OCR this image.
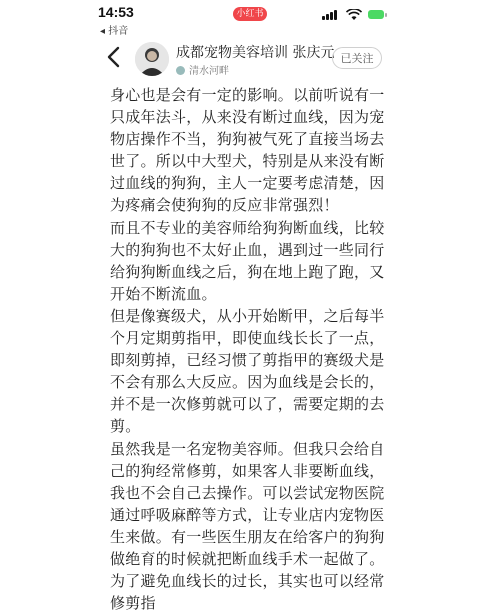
14:53
◂ 抖音
小红书
成都宠物美容培训 张庆元
清水河畔
已关注

身心也是会有一定的影响。以前听说有一只成年法斗，从来没有断过血线，因为宠物店操作不当，狗狗被气死了直接当场去世了。所以中大型犬，特别是从来没有断过血线的狗狗，主人一定要考虑清楚，因为疼痛会使狗狗的反应非常强烈！

而且不专业的美容师给狗狗断血线，比较大的狗狗也不太好止血，遇到过一些同行给狗狗断血线之后，狗在地上跑了跑，又开始不断流血。

但是像赛级犬，从小开始断甲，之后每半个月定期剪指甲，即使血线长长了一点，即刻剪掉，已经习惯了剪指甲的赛级犬是不会有那么大反应。因为血线是会长的，并不是一次修剪就可以了，需要定期的去剪。

虽然我是一名宠物美容师。但我只会给自己的狗经常修剪，如果客人非要断血线，我也不会自己去操作。可以尝试宠物医院通过呼吸麻醉等方式，让专业店内宠物医生来做。有一些医生朋友在给客户的狗狗做绝育的时候就把断血线手术一起做了。

为了避免血线长的过长，其实也可以经常修剪指
